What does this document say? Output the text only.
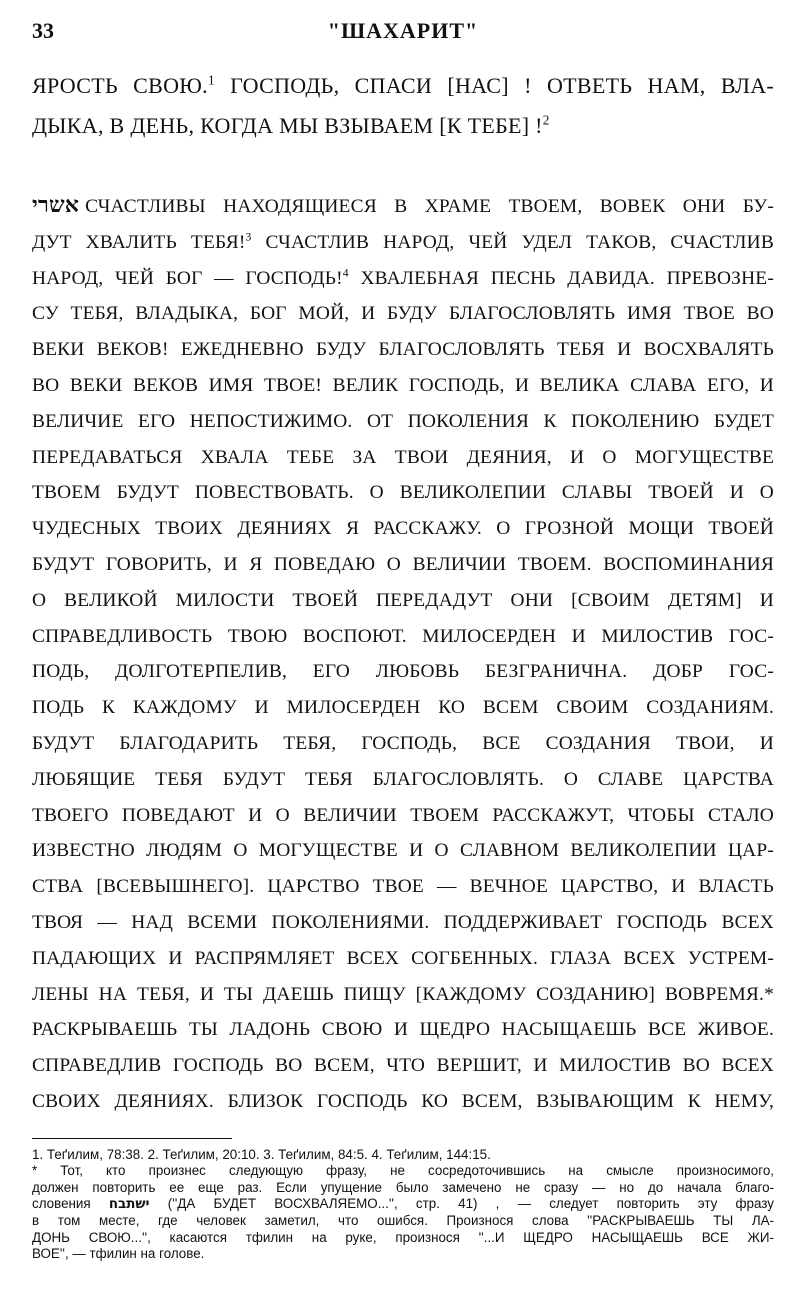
33	"ШАХАРИТ"
ЯРОСТЬ СВОЮ.$^1$ ГОСПОДЬ, СПАСИ [НАС] ! ОТВЕТЬ НАМ, ВЛА-
ДЫКА, В ДЕНЬ, КОГДА МЫ ВЗЫВАЕМ [К ТЕБЕ] !$^2$
אשרי СЧАСТЛИВЫ НАХОДЯЩИЕСЯ В ХРАМЕ ТВОЕМ, ВОВЕК ОНИ БУ-
ДУТ ХВАЛИТЬ ТЕБЯ!$^3$ СЧАСТЛИВ НАРОД, ЧЕЙ УДЕЛ ТАКОВ, СЧАСТЛИВ
НАРОД, ЧЕЙ БОГ — ГОСПОДЬ!$^4$ ХВАЛЕБНАЯ ПЕСНЬ ДАВИДА. ПРЕВОЗНЕ-
СУ ТЕБЯ, ВЛАДЫКА, БОГ МОЙ, И БУДУ БЛАГОСЛОВЛЯТЬ ИМЯ ТВОЕ ВО
ВЕКИ ВЕКОВ! ЕЖЕДНЕВНО БУДУ БЛАГОСЛОВЛЯТЬ ТЕБЯ И ВОСХВАЛЯТЬ
ВО ВЕКИ ВЕКОВ ИМЯ ТВОЕ! ВЕЛИК ГОСПОДЬ, И ВЕЛИКА СЛАВА ЕГО, И
ВЕЛИЧИЕ ЕГО НЕПОСТИЖИМО. ОТ ПОКОЛЕНИЯ К ПОКОЛЕНИЮ БУДЕТ
ПЕРЕДАВАТЬСЯ ХВАЛА ТЕБЕ ЗА ТВОИ ДЕЯНИЯ, И О МОГУЩЕСТВЕ
ТВОЕМ БУДУТ ПОВЕСТВОВАТЬ. О ВЕЛИКОЛЕПИИ СЛАВЫ ТВОЕЙ И О
ЧУДЕСНЫХ ТВОИХ ДЕЯНИЯХ Я РАССКАЖУ. О ГРОЗНОЙ МОЩИ ТВОЕЙ
БУДУТ ГОВОРИТЬ, И Я ПОВЕДАЮ О ВЕЛИЧИИ ТВОЕМ. ВОСПОМИНАНИЯ
О ВЕЛИКОЙ МИЛОСТИ ТВОЕЙ ПЕРЕДАДУТ ОНИ [СВОИМ ДЕТЯМ] И
СПРАВЕДЛИВОСТЬ ТВОЮ ВОСПОЮТ. МИЛОСЕРДЕН И МИЛОСТИВ ГОС-
ПОДЬ, ДОЛГОТЕРПЕЛИВ, ЕГО ЛЮБОВЬ БЕЗГРАНИЧНА. ДОБР ГОС-
ПОДЬ К КАЖДОМУ И МИЛОСЕРДЕН КО ВСЕМ СВОИМ СОЗДАНИЯМ.
БУДУТ БЛАГОДАРИТЬ ТЕБЯ, ГОСПОДЬ, ВСЕ СОЗДАНИЯ ТВОИ, И
ЛЮБЯЩИЕ ТЕБЯ БУДУТ ТЕБЯ БЛАГОСЛОВЛЯТЬ. О СЛАВЕ ЦАРСТВА
ТВОЕГО ПОВЕДАЮТ И О ВЕЛИЧИИ ТВОЕМ РАССКАЖУТ, ЧТОБЫ СТАЛО
ИЗВЕСТНО ЛЮДЯМ О МОГУЩЕСТВЕ И О СЛАВНОМ ВЕЛИКОЛЕПИИ ЦАР-
СТВА [ВСЕВЫШНЕГО]. ЦАРСТВО ТВОЕ — ВЕЧНОЕ ЦАРСТВО, И ВЛАСТЬ
ТВОЯ — НАД ВСЕМИ ПОКОЛЕНИЯМИ. ПОДДЕРЖИВАЕТ ГОСПОДЬ ВСЕХ
ПАДАЮЩИХ И РАСПРЯМЛЯЕТ ВСЕХ СОГБЕННЫХ. ГЛАЗА ВСЕХ УСТРЕМ-
ЛЕНЫ НА ТЕБЯ, И ТЫ ДАЕШЬ ПИЩУ [КАЖДОМУ СОЗДАНИЮ] ВОВРЕМЯ.*
РАСКРЫВАЕШЬ ТЫ ЛАДОНЬ СВОЮ И ЩЕДРО НАСЫЩАЕШЬ ВСЕ ЖИВОЕ.
СПРАВЕДЛИВ ГОСПОДЬ ВО ВСЕМ, ЧТО ВЕРШИТ, И МИЛОСТИВ ВО ВСЕХ
СВОИХ ДЕЯНИЯХ. БЛИЗОК ГОСПОДЬ КО ВСЕМ, ВЗЫВАЮЩИМ К НЕМУ,
1. Теґилим, 78:38. 2. Теґилим, 20:10. 3. Теґилим, 84:5. 4. Теґилим, 144:15.
* Тот, кто произнес следующую фразу, не сосредоточившись на смысле произносимого,
должен повторить ее еще раз. Если упущение было замечено не сразу — но до начала благо-
словения ישתבח (''ДА БУДЕТ ВОСХВАЛЯЕМО...'', стр. 41) , — следует повторить эту фразу
в том месте, где человек заметил, что ошибся. Произнося слова ''РАСКРЫВАЕШЬ ТЫ ЛА-
ДОНЬ СВОЮ...'', касаются тфилин на руке, произнося ''...И ЩЕДРО НАСЫЩАЕШЬ ВСЕ ЖИ-
ВОЕ'', — тфилин на голове.
